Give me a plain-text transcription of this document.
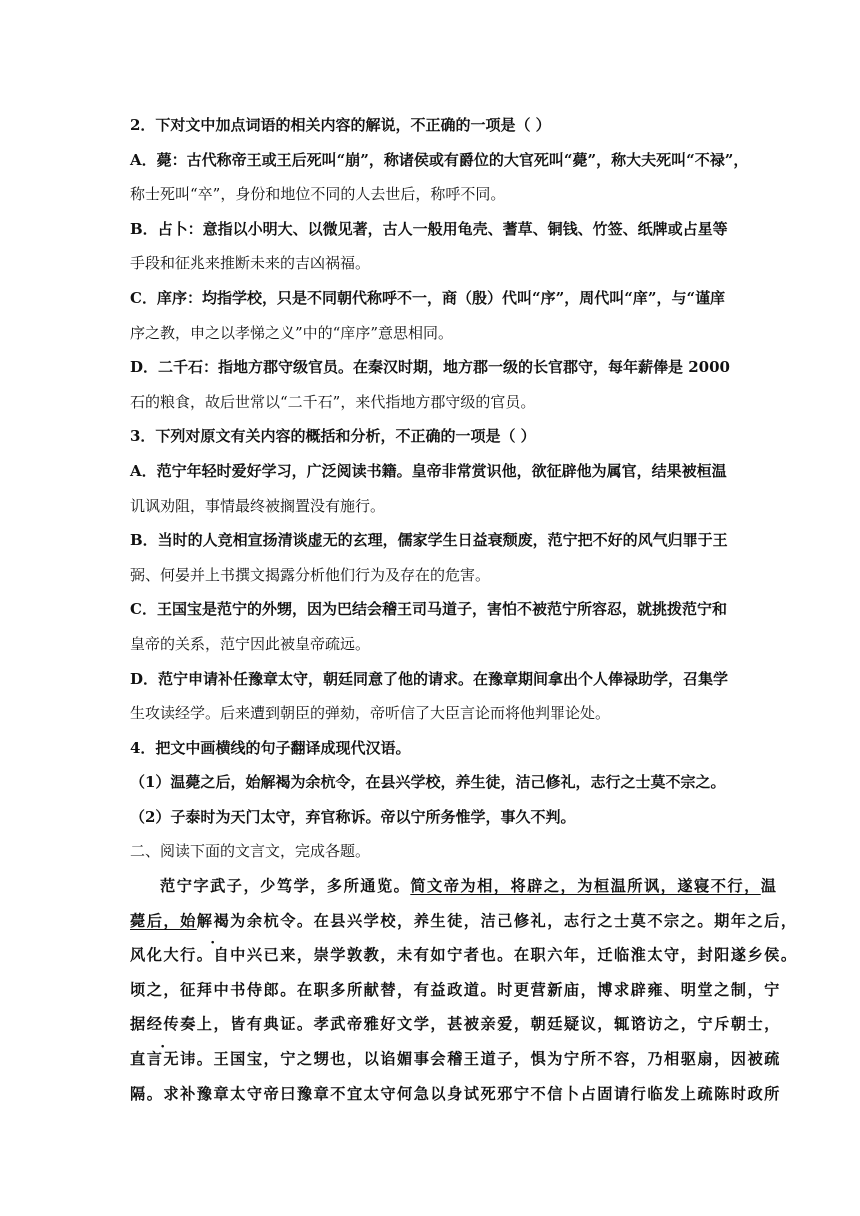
2．下对文中加点词语的相关内容的解说，不正确的一项是（ ）
A．薨：古代称帝王或王后死叫“崩”，称诸侯或有爵位的大官死叫“薨”，称大夫死叫“不禄”，
称士死叫“卒”，身份和地位不同的人去世后，称呼不同。
B．占卜：意指以小明大、以微见著，古人一般用龟壳、蓍草、铜钱、竹签、纸牌或占星等
手段和征兆来推断未来的吉凶祸福。
C．庠序：均指学校，只是不同朝代称呼不一，商（殷）代叫“序”，周代叫“庠”，与“谨庠
序之教，申之以孝悌之义”中的“庠序”意思相同。
D．二千石：指地方郡守级官员。在秦汉时期，地方郡一级的长官郡守，每年薪俸是 2000
石的粮食，故后世常以“二千石”，来代指地方郡守级的官员。
3．下列对原文有关内容的概括和分析，不正确的一项是（ ）
A．范宁年轻时爱好学习，广泛阅读书籍。皇帝非常赏识他，欲征辟他为属官，结果被桓温
讥讽劝阻，事情最终被搁置没有施行。
B．当时的人竞相宣扬清谈虚无的玄理，儒家学生日益衰颓废，范宁把不好的风气归罪于王
弼、何晏并上书撰文揭露分析他们行为及存在的危害。
C．王国宝是范宁的外甥，因为巴结会稽王司马道子，害怕不被范宁所容忍，就挑拨范宁和
皇帝的关系，范宁因此被皇帝疏远。
D．范宁申请补任豫章太守，朝廷同意了他的请求。在豫章期间拿出个人俸禄助学，召集学
生攻读经学。后来遭到朝臣的弹劾，帝听信了大臣言论而将他判罪论处。
4．把文中画横线的句子翻译成现代汉语。
（1）温薨之后，始解褐为余杭令，在县兴学校，养生徒，洁己修礼，志行之士莫不宗之。
（2）子泰时为天门太守，弃官称诉。帝以宁所务惟学，事久不判。
二、阅读下面的文言文，完成各题。
范宁字武子，少笃学，多所通览。简文帝为相，将辟之，为桓温所讽，遂寝不行，温
薨后，始解褐为余杭令。在县兴学校，养生徒，洁己修礼，志行之士莫不宗之。期年之后，
风化大行。自中兴已来，崇学敦教，未有如宁者也。在职六年，迁临淮太守，封阳遂乡侯。
顷之，征拜中书侍郎。在职多所献替，有益政道。时更营新庙，博求辟雍、明堂之制，宁
据经传奏上，皆有典证。孝武帝雅好文学，甚被亲爱，朝廷疑议，辄谘访之，宁斥朝士，
直言无讳。王国宝，宁之甥也，以谄媚事会稽王道子，惧为宁所不容，乃相驱扇，因被疏
隔。求补豫章太守帝曰豫章不宜太守何急以身试死邪宁不信卜占固请行临发上疏陈时政所
